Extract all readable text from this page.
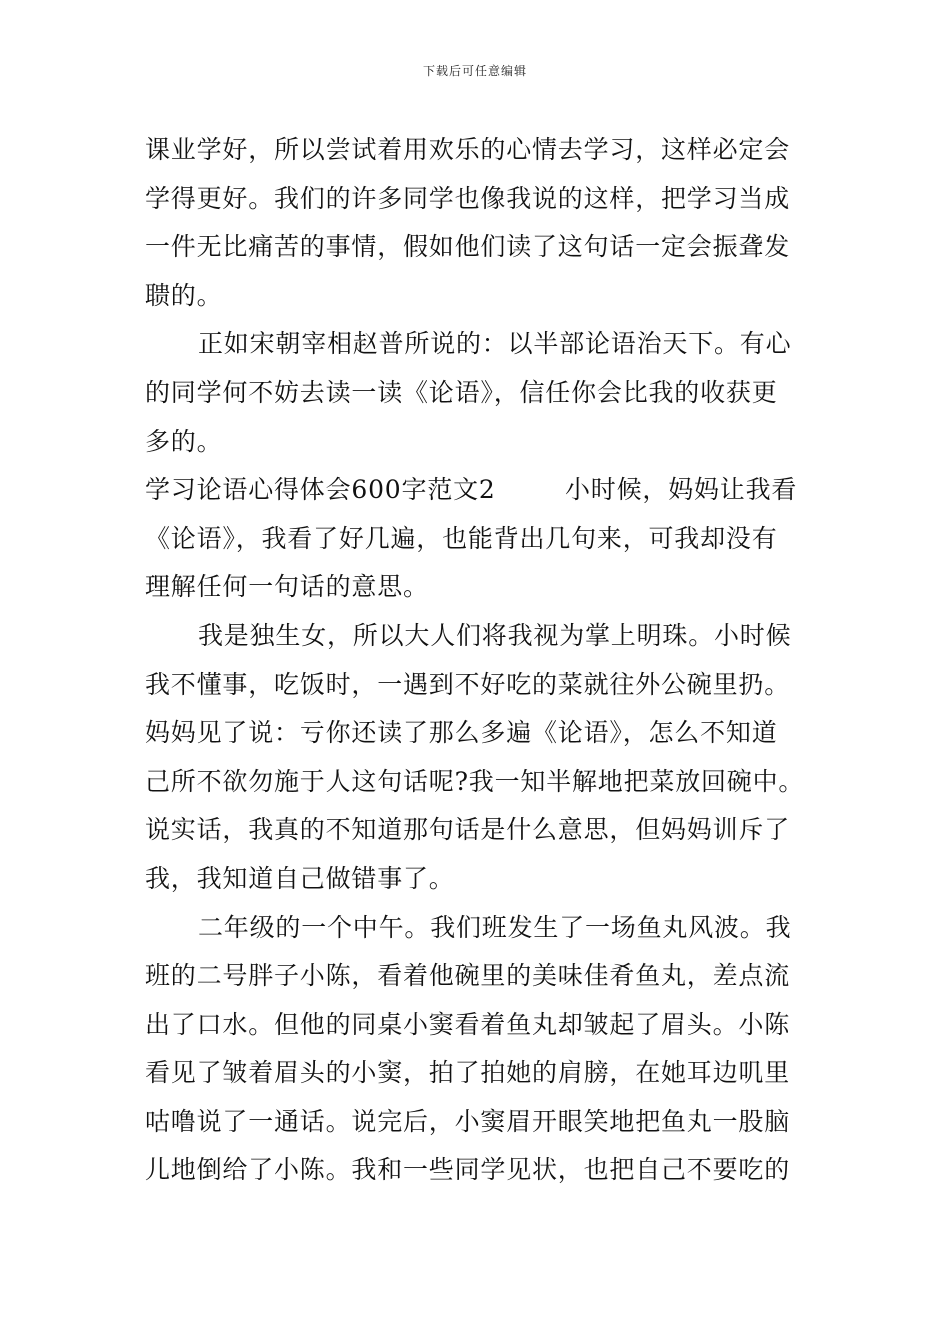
下载后可任意编辑
课业学好，所以尝试着用欢乐的心情去学习，这样必定会
学得更好。我们的许多同学也像我说的这样，把学习当成
一件无比痛苦的事情，假如他们读了这句话一定会振聋发
聩的。
正如宋朝宰相赵普所说的：以半部论语治天下。有心
的同学何不妨去读一读《论语》，信任你会比我的收获更
多的。
学习论语心得体会600字范文2	小时候，妈妈让我看
《论语》，我看了好几遍，也能背出几句来，可我却没有
理解任何一句话的意思。
我是独生女，所以大人们将我视为掌上明珠。小时候
我不懂事，吃饭时，一遇到不好吃的菜就往外公碗里扔。
妈妈见了说：亏你还读了那么多遍《论语》，怎么不知道
己所不欲勿施于人这句话呢?我一知半解地把菜放回碗中。
说实话，我真的不知道那句话是什么意思，但妈妈训斥了
我，我知道自己做错事了。
二年级的一个中午。我们班发生了一场鱼丸风波。我
班的二号胖子小陈，看着他碗里的美味佳肴鱼丸，差点流
出了口水。但他的同桌小窦看着鱼丸却皱起了眉头。小陈
看见了皱着眉头的小窦，拍了拍她的肩膀，在她耳边叽里
咕噜说了一通话。说完后，小窦眉开眼笑地把鱼丸一股脑
儿地倒给了小陈。我和一些同学见状，也把自己不要吃的
